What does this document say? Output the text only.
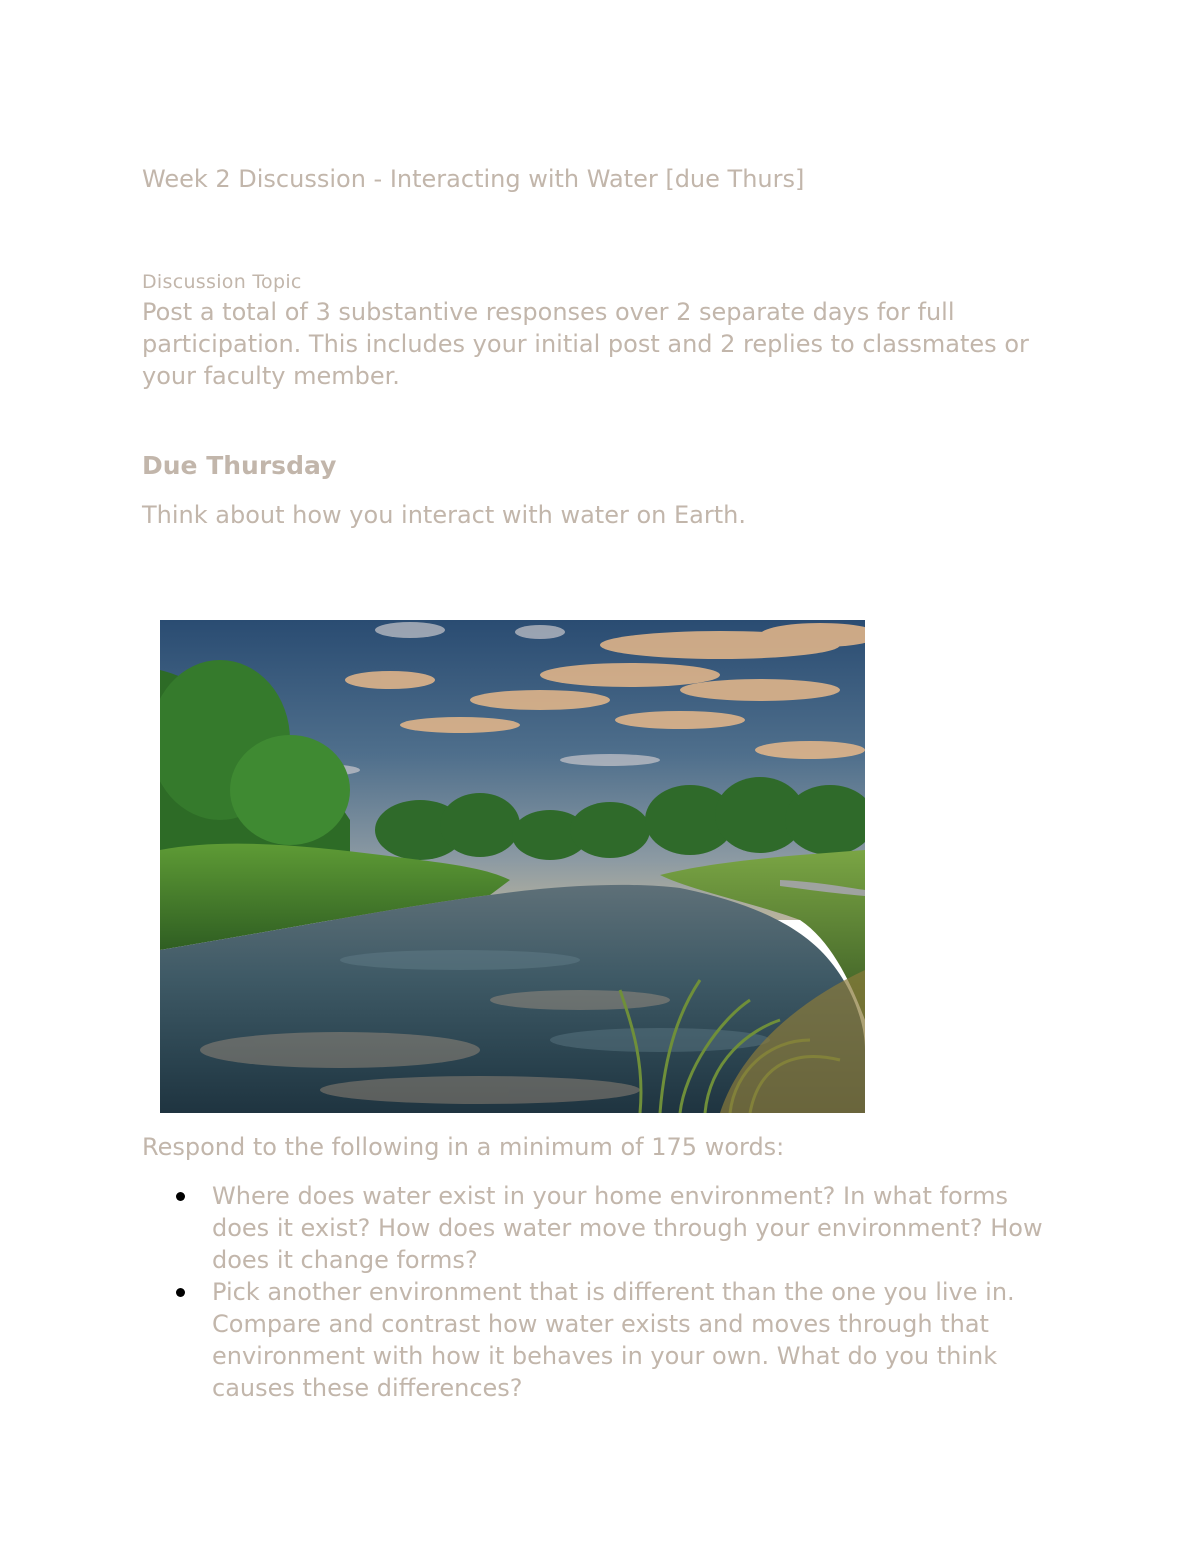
Week 2 Discussion - Interacting with Water [due Thurs]
Discussion Topic

Post a total of 3 substantive responses over 2 separate days for full participation. This includes your initial post and 2 replies to classmates or your faculty member.

Due Thursday

Think about how you interact with water on Earth.

Respond to the following in a minimum of 175 words:

Where does water exist in your home environment? In what forms does it exist? How does water move through your environment? How does it change forms?
Pick another environment that is different than the one you live in. Compare and contrast how water exists and moves through that environment with how it behaves in your own. What do you think causes these differences?
